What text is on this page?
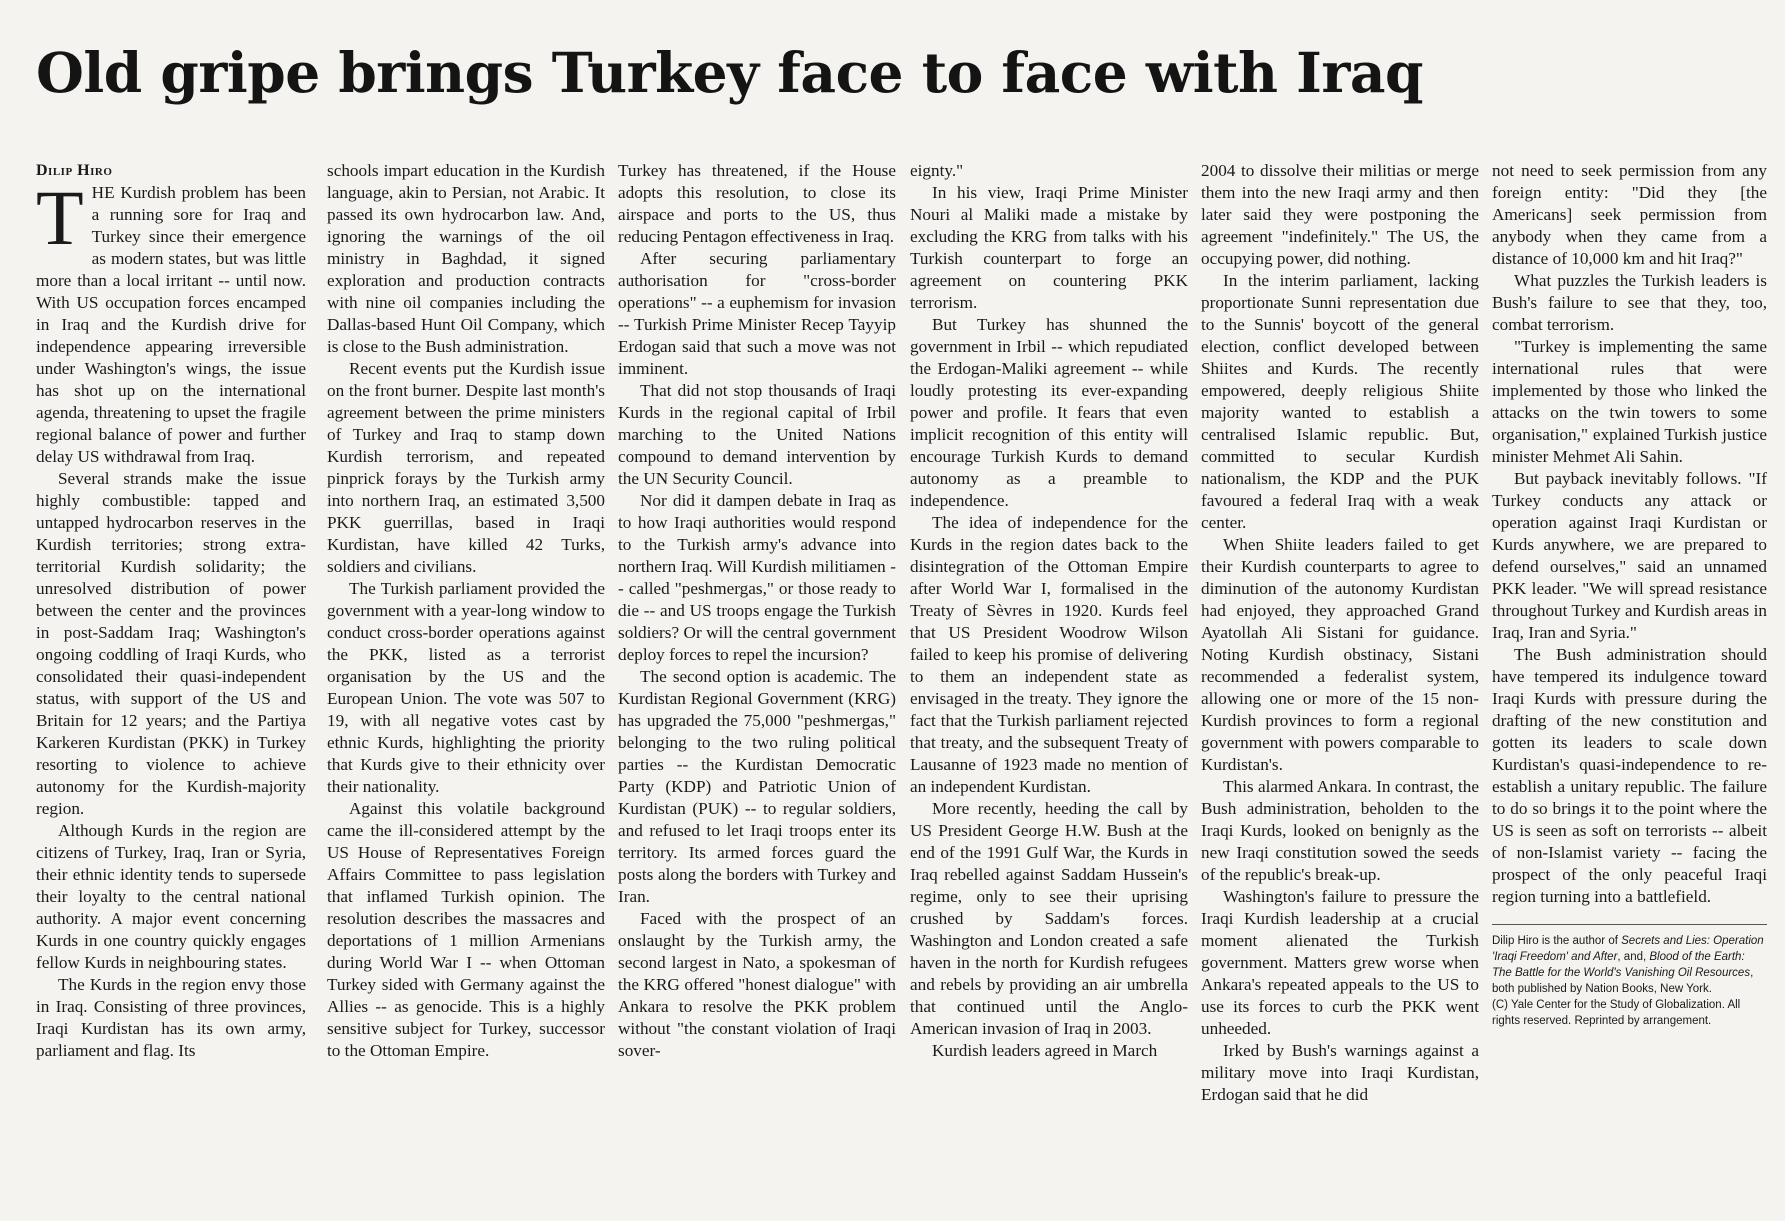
Old gripe brings Turkey face to face with Iraq

Dilip Hiro

THE Kurdish problem has been a running sore for Iraq and Turkey since their emergence as modern states, but was little more than a local irritant -- until now. With US occupation forces encamped in Iraq and the Kurdish drive for independence appearing irreversible under Washington's wings, the issue has shot up on the international agenda, threatening to upset the fragile regional balance of power and further delay US withdrawal from Iraq.

Several strands make the issue highly combustible: tapped and untapped hydrocarbon reserves in the Kurdish territories; strong extra-territorial Kurdish solidarity; the unresolved distribution of power between the center and the provinces in post-Saddam Iraq; Washington's ongoing coddling of Iraqi Kurds, who consolidated their quasi-independent status, with support of the US and Britain for 12 years; and the Partiya Karkeren Kurdistan (PKK) in Turkey resorting to violence to achieve autonomy for the Kurdish-majority region.

Although Kurds in the region are citizens of Turkey, Iraq, Iran or Syria, their ethnic identity tends to supersede their loyalty to the central national authority. A major event concerning Kurds in one country quickly engages fellow Kurds in neighbouring states.

The Kurds in the region envy those in Iraq. Consisting of three provinces, Iraqi Kurdistan has its own army, parliament and flag. Its

schools impart education in the Kurdish language, akin to Persian, not Arabic. It passed its own hydrocarbon law. And, ignoring the warnings of the oil ministry in Baghdad, it signed exploration and production contracts with nine oil companies including the Dallas-based Hunt Oil Company, which is close to the Bush administration.

Recent events put the Kurdish issue on the front burner. Despite last month's agreement between the prime ministers of Turkey and Iraq to stamp down Kurdish terrorism, and repeated pinprick forays by the Turkish army into northern Iraq, an estimated 3,500 PKK guerrillas, based in Iraqi Kurdistan, have killed 42 Turks, soldiers and civilians.

The Turkish parliament provided the government with a year-long window to conduct cross-border operations against the PKK, listed as a terrorist organisation by the US and the European Union. The vote was 507 to 19, with all negative votes cast by ethnic Kurds, highlighting the priority that Kurds give to their ethnicity over their nationality.

Against this volatile background came the ill-considered attempt by the US House of Representatives Foreign Affairs Committee to pass legislation that inflamed Turkish opinion. The resolution describes the massacres and deportations of 1 million Armenians during World War I -- when Ottoman Turkey sided with Germany against the Allies -- as genocide. This is a highly sensitive subject for Turkey, successor to the Ottoman Empire.

Turkey has threatened, if the House adopts this resolution, to close its airspace and ports to the US, thus reducing Pentagon effectiveness in Iraq.

After securing parliamentary authorisation for "cross-border operations" -- a euphemism for invasion -- Turkish Prime Minister Recep Tayyip Erdogan said that such a move was not imminent.

That did not stop thousands of Iraqi Kurds in the regional capital of Irbil marching to the United Nations compound to demand intervention by the UN Security Council.

Nor did it dampen debate in Iraq as to how Iraqi authorities would respond to the Turkish army's advance into northern Iraq. Will Kurdish militiamen -- called "peshmergas," or those ready to die -- and US troops engage the Turkish soldiers? Or will the central government deploy forces to repel the incursion?

The second option is academic. The Kurdistan Regional Government (KRG) has upgraded the 75,000 "peshmergas," belonging to the two ruling political parties -- the Kurdistan Democratic Party (KDP) and Patriotic Union of Kurdistan (PUK) -- to regular soldiers, and refused to let Iraqi troops enter its territory. Its armed forces guard the posts along the borders with Turkey and Iran.

Faced with the prospect of an onslaught by the Turkish army, the second largest in Nato, a spokesman of the KRG offered "honest dialogue" with Ankara to resolve the PKK problem without "the constant violation of Iraqi sover-

eignty."

In his view, Iraqi Prime Minister Nouri al Maliki made a mistake by excluding the KRG from talks with his Turkish counterpart to forge an agreement on countering PKK terrorism.

But Turkey has shunned the government in Irbil -- which repudiated the Erdogan-Maliki agreement -- while loudly protesting its ever-expanding power and profile. It fears that even implicit recognition of this entity will encourage Turkish Kurds to demand autonomy as a preamble to independence.

The idea of independence for the Kurds in the region dates back to the disintegration of the Ottoman Empire after World War I, formalised in the Treaty of Sèvres in 1920. Kurds feel that US President Woodrow Wilson failed to keep his promise of delivering to them an independent state as envisaged in the treaty. They ignore the fact that the Turkish parliament rejected that treaty, and the subsequent Treaty of Lausanne of 1923 made no mention of an independent Kurdistan.

More recently, heeding the call by US President George H.W. Bush at the end of the 1991 Gulf War, the Kurds in Iraq rebelled against Saddam Hussein's regime, only to see their uprising crushed by Saddam's forces. Washington and London created a safe haven in the north for Kurdish refugees and rebels by providing an air umbrella that continued until the Anglo-American invasion of Iraq in 2003.

Kurdish leaders agreed in March

2004 to dissolve their militias or merge them into the new Iraqi army and then later said they were postponing the agreement "indefinitely." The US, the occupying power, did nothing.

In the interim parliament, lacking proportionate Sunni representation due to the Sunnis' boycott of the general election, conflict developed between Shiites and Kurds. The recently empowered, deeply religious Shiite majority wanted to establish a centralised Islamic republic. But, committed to secular Kurdish nationalism, the KDP and the PUK favoured a federal Iraq with a weak center.

When Shiite leaders failed to get their Kurdish counterparts to agree to diminution of the autonomy Kurdistan had enjoyed, they approached Grand Ayatollah Ali Sistani for guidance. Noting Kurdish obstinacy, Sistani recommended a federalist system, allowing one or more of the 15 non-Kurdish provinces to form a regional government with powers comparable to Kurdistan's.

This alarmed Ankara. In contrast, the Bush administration, beholden to the Iraqi Kurds, looked on benignly as the new Iraqi constitution sowed the seeds of the republic's break-up.

Washington's failure to pressure the Iraqi Kurdish leadership at a crucial moment alienated the Turkish government. Matters grew worse when Ankara's repeated appeals to the US to use its forces to curb the PKK went unheeded.

Irked by Bush's warnings against a military move into Iraqi Kurdistan, Erdogan said that he did

not need to seek permission from any foreign entity: "Did they [the Americans] seek permission from anybody when they came from a distance of 10,000 km and hit Iraq?"

What puzzles the Turkish leaders is Bush's failure to see that they, too, combat terrorism.

"Turkey is implementing the same international rules that were implemented by those who linked the attacks on the twin towers to some organisation," explained Turkish justice minister Mehmet Ali Sahin.

But payback inevitably follows. "If Turkey conducts any attack or operation against Iraqi Kurdistan or Kurds anywhere, we are prepared to defend ourselves," said an unnamed PKK leader. "We will spread resistance throughout Turkey and Kurdish areas in Iraq, Iran and Syria."

The Bush administration should have tempered its indulgence toward Iraqi Kurds with pressure during the drafting of the new constitution and gotten its leaders to scale down Kurdistan's quasi-independence to re-establish a unitary republic. The failure to do so brings it to the point where the US is seen as soft on terrorists -- albeit of non-Islamist variety -- facing the prospect of the only peaceful Iraqi region turning into a battlefield.

Dilip Hiro is the author of Secrets and Lies: Operation 'Iraqi Freedom' and After, and, Blood of the Earth: The Battle for the World's Vanishing Oil Resources, both published by Nation Books, New York.

(C) Yale Center for the Study of Globalization. All rights reserved. Reprinted by arrangement.
